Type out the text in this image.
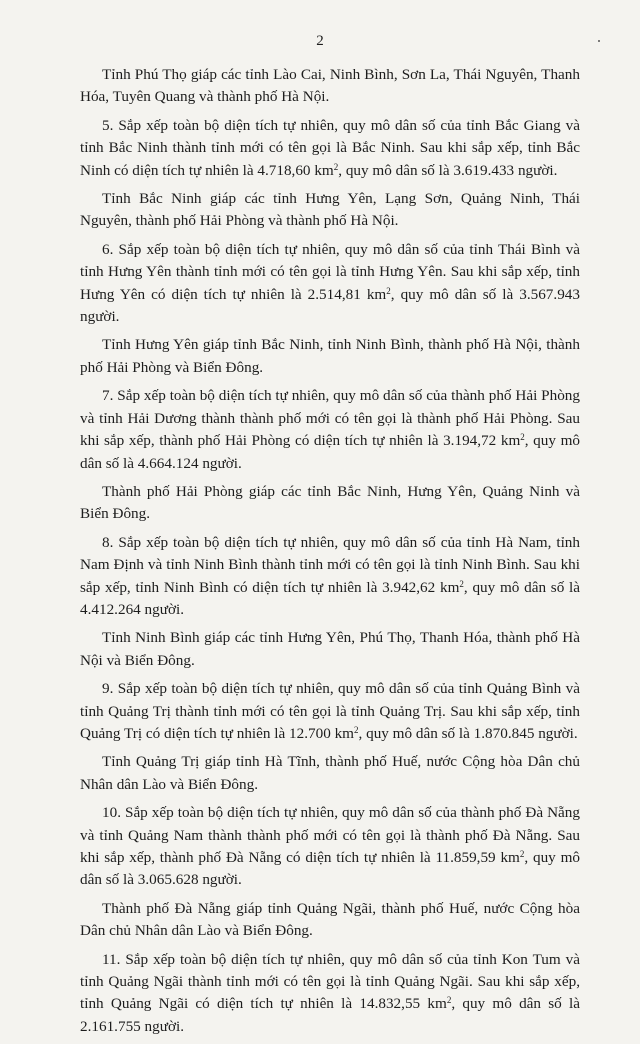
2

Tỉnh Phú Thọ giáp các tỉnh Lào Cai, Ninh Bình, Sơn La, Thái Nguyên, Thanh Hóa, Tuyên Quang và thành phố Hà Nội.

5. Sắp xếp toàn bộ diện tích tự nhiên, quy mô dân số của tỉnh Bắc Giang và tỉnh Bắc Ninh thành tỉnh mới có tên gọi là Bắc Ninh. Sau khi sắp xếp, tỉnh Bắc Ninh có diện tích tự nhiên là 4.718,60 $km^2$, quy mô dân số là 3.619.433 người.

Tỉnh Bắc Ninh giáp các tỉnh Hưng Yên, Lạng Sơn, Quảng Ninh, Thái Nguyên, thành phố Hải Phòng và thành phố Hà Nội.

6. Sắp xếp toàn bộ diện tích tự nhiên, quy mô dân số của tỉnh Thái Bình và tỉnh Hưng Yên thành tỉnh mới có tên gọi là tỉnh Hưng Yên. Sau khi sắp xếp, tỉnh Hưng Yên có diện tích tự nhiên là 2.514,81 $km^2$, quy mô dân số là 3.567.943 người.

Tỉnh Hưng Yên giáp tỉnh Bắc Ninh, tỉnh Ninh Bình, thành phố Hà Nội, thành phố Hải Phòng và Biển Đông.

7. Sắp xếp toàn bộ diện tích tự nhiên, quy mô dân số của thành phố Hải Phòng và tỉnh Hải Dương thành thành phố mới có tên gọi là thành phố Hải Phòng. Sau khi sắp xếp, thành phố Hải Phòng có diện tích tự nhiên là 3.194,72 $km^2$, quy mô dân số là 4.664.124 người.

Thành phố Hải Phòng giáp các tỉnh Bắc Ninh, Hưng Yên, Quảng Ninh và Biển Đông.

8. Sắp xếp toàn bộ diện tích tự nhiên, quy mô dân số của tỉnh Hà Nam, tỉnh Nam Định và tỉnh Ninh Bình thành tỉnh mới có tên gọi là tỉnh Ninh Bình. Sau khi sắp xếp, tỉnh Ninh Bình có diện tích tự nhiên là 3.942,62 $km^2$, quy mô dân số là 4.412.264 người.

Tỉnh Ninh Bình giáp các tỉnh Hưng Yên, Phú Thọ, Thanh Hóa, thành phố Hà Nội và Biển Đông.

9. Sắp xếp toàn bộ diện tích tự nhiên, quy mô dân số của tỉnh Quảng Bình và tỉnh Quảng Trị thành tỉnh mới có tên gọi là tỉnh Quảng Trị. Sau khi sắp xếp, tỉnh Quảng Trị có diện tích tự nhiên là 12.700 $km^2$, quy mô dân số là 1.870.845 người.

Tỉnh Quảng Trị giáp tỉnh Hà Tĩnh, thành phố Huế, nước Cộng hòa Dân chủ Nhân dân Lào và Biển Đông.

10. Sắp xếp toàn bộ diện tích tự nhiên, quy mô dân số của thành phố Đà Nẵng và tỉnh Quảng Nam thành thành phố mới có tên gọi là thành phố Đà Nẵng. Sau khi sắp xếp, thành phố Đà Nẵng có diện tích tự nhiên là 11.859,59 $km^2$, quy mô dân số là 3.065.628 người.

Thành phố Đà Nẵng giáp tỉnh Quảng Ngãi, thành phố Huế, nước Cộng hòa Dân chủ Nhân dân Lào và Biển Đông.

11. Sắp xếp toàn bộ diện tích tự nhiên, quy mô dân số của tỉnh Kon Tum và tỉnh Quảng Ngãi thành tỉnh mới có tên gọi là tỉnh Quảng Ngãi. Sau khi sắp xếp, tỉnh Quảng Ngãi có diện tích tự nhiên là 14.832,55 $km^2$, quy mô dân số là 2.161.755 người.
